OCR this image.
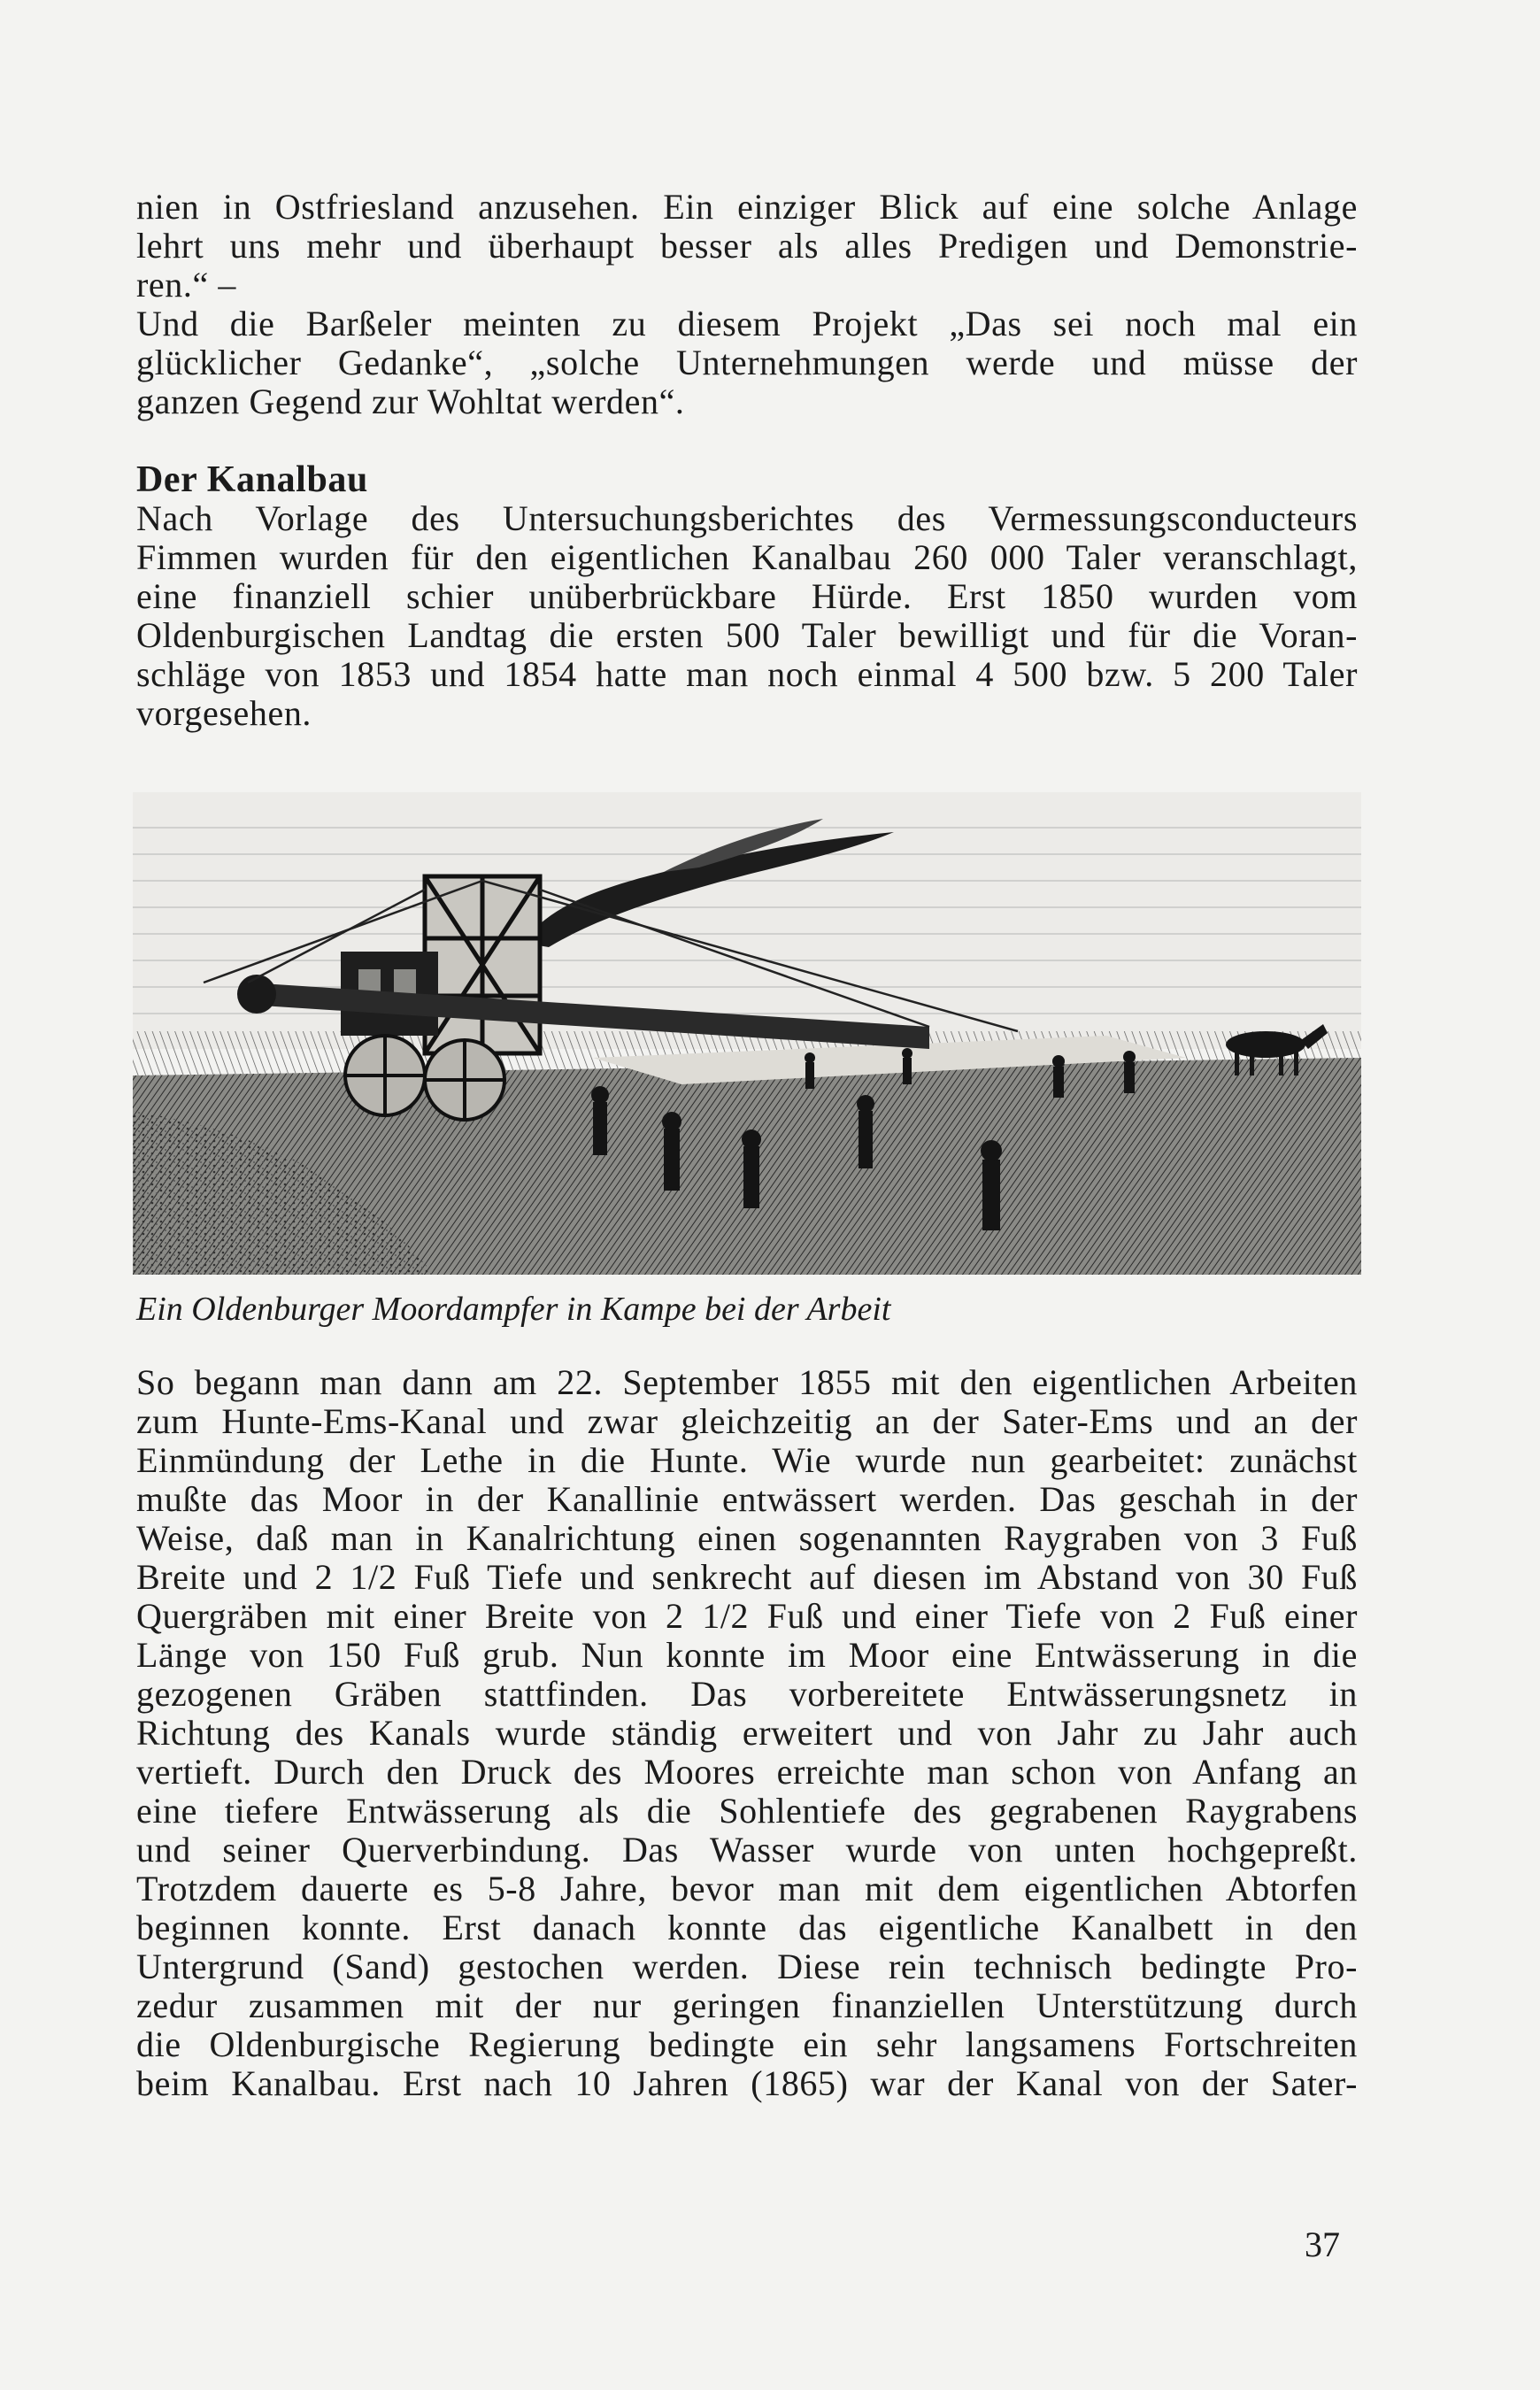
nien in Ostfriesland anzusehen. Ein einziger Blick auf eine solche Anlage
lehrt uns mehr und überhaupt besser als alles Predigen und Demonstrie-
ren.“ –
Und die Barßeler meinten zu diesem Projekt „Das sei noch mal ein
glücklicher Gedanke“, „solche Unternehmungen werde und müsse der
ganzen Gegend zur Wohltat werden“.
Der Kanalbau
Nach Vorlage des Untersuchungsberichtes des Vermessungsconducteurs
Fimmen wurden für den eigentlichen Kanalbau 260 000 Taler veranschlagt,
eine finanziell schier unüberbrückbare Hürde. Erst 1850 wurden vom
Oldenburgischen Landtag die ersten 500 Taler bewilligt und für die Voran-
schläge von 1853 und 1854 hatte man noch einmal 4 500 bzw. 5 200 Taler
vorgesehen.
Ein Oldenburger Moordampfer in Kampe bei der Arbeit
So begann man dann am 22. September 1855 mit den eigentlichen Arbeiten
zum Hunte-Ems-Kanal und zwar gleichzeitig an der Sater-Ems und an der
Einmündung der Lethe in die Hunte. Wie wurde nun gearbeitet: zunächst
mußte das Moor in der Kanallinie entwässert werden. Das geschah in der
Weise, daß man in Kanalrichtung einen sogenannten Raygraben von 3 Fuß
Breite und 2 1/2 Fuß Tiefe und senkrecht auf diesen im Abstand von 30 Fuß
Quergräben mit einer Breite von 2 1/2 Fuß und einer Tiefe von 2 Fuß einer
Länge von 150 Fuß grub. Nun konnte im Moor eine Entwässerung in die
gezogenen Gräben stattfinden. Das vorbereitete Entwässerungsnetz in
Richtung des Kanals wurde ständig erweitert und von Jahr zu Jahr auch
vertieft. Durch den Druck des Moores erreichte man schon von Anfang an
eine tiefere Entwässerung als die Sohlentiefe des gegrabenen Raygrabens
und seiner Querverbindung. Das Wasser wurde von unten hochgepreßt.
Trotzdem dauerte es 5-8 Jahre, bevor man mit dem eigentlichen Abtorfen
beginnen konnte. Erst danach konnte das eigentliche Kanalbett in den
Untergrund (Sand) gestochen werden. Diese rein technisch bedingte Pro-
zedur zusammen mit der nur geringen finanziellen Unterstützung durch
die Oldenburgische Regierung bedingte ein sehr langsamens Fortschreiten
beim Kanalbau. Erst nach 10 Jahren (1865) war der Kanal von der Sater-
37
